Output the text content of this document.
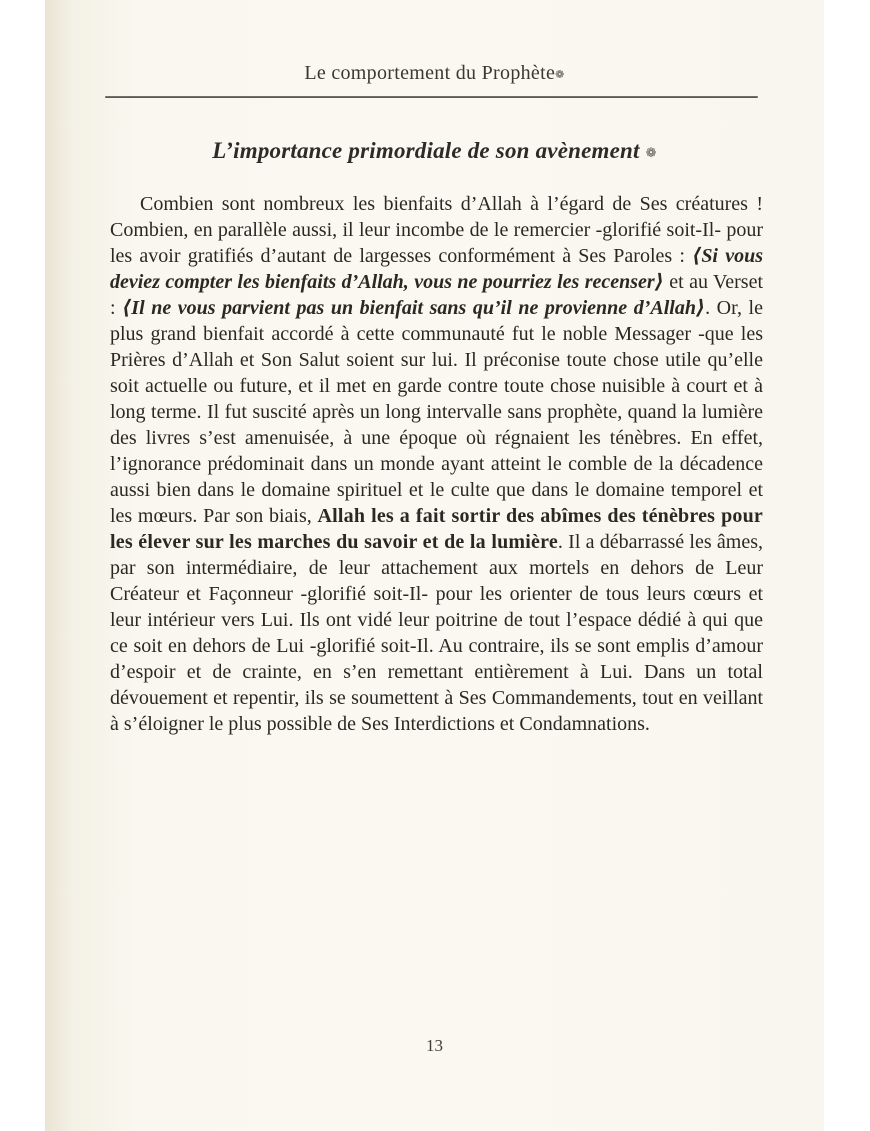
Le comportement du Prophète❁
L’importance primordiale de son avènement ❁
Combien sont nombreux les bienfaits d’Allah à l’égard de Ses créatures ! Combien, en parallèle aussi, il leur incombe de le remercier -glorifié soit-Il- pour les avoir gratifiés d’autant de largesses conformément à Ses Paroles : ⟨Si vous deviez compter les bienfaits d’Allah, vous ne pourriez les recenser⟩ et au Verset : ⟨Il ne vous parvient pas un bienfait sans qu’il ne provienne d’Allah⟩. Or, le plus grand bienfait accordé à cette communauté fut le noble Messager -que les Prières d’Allah et Son Salut soient sur lui. Il préconise toute chose utile qu’elle soit actuelle ou future, et il met en garde contre toute chose nuisible à court et à long terme. Il fut suscité après un long intervalle sans prophète, quand la lumière des livres s’est amenuisée, à une époque où régnaient les ténèbres. En effet, l’ignorance prédominait dans un monde ayant atteint le comble de la décadence aussi bien dans le domaine spirituel et le culte que dans le domaine temporel et les mœurs. Par son biais, Allah les a fait sortir des abîmes des ténèbres pour les élever sur les marches du savoir et de la lumière. Il a débarrassé les âmes, par son intermédiaire, de leur attachement aux mortels en dehors de Leur Créateur et Façonneur -glorifié soit-Il- pour les orienter de tous leurs cœurs et leur intérieur vers Lui. Ils ont vidé leur poitrine de tout l’espace dédié à qui que ce soit en dehors de Lui -glorifié soit-Il. Au contraire, ils se sont emplis d’amour d’espoir et de crainte, en s’en remettant entièrement à Lui. Dans un total dévouement et repentir, ils se soumettent à Ses Commandements, tout en veillant à s’éloigner le plus possible de Ses Interdictions et Condamnations.
13
